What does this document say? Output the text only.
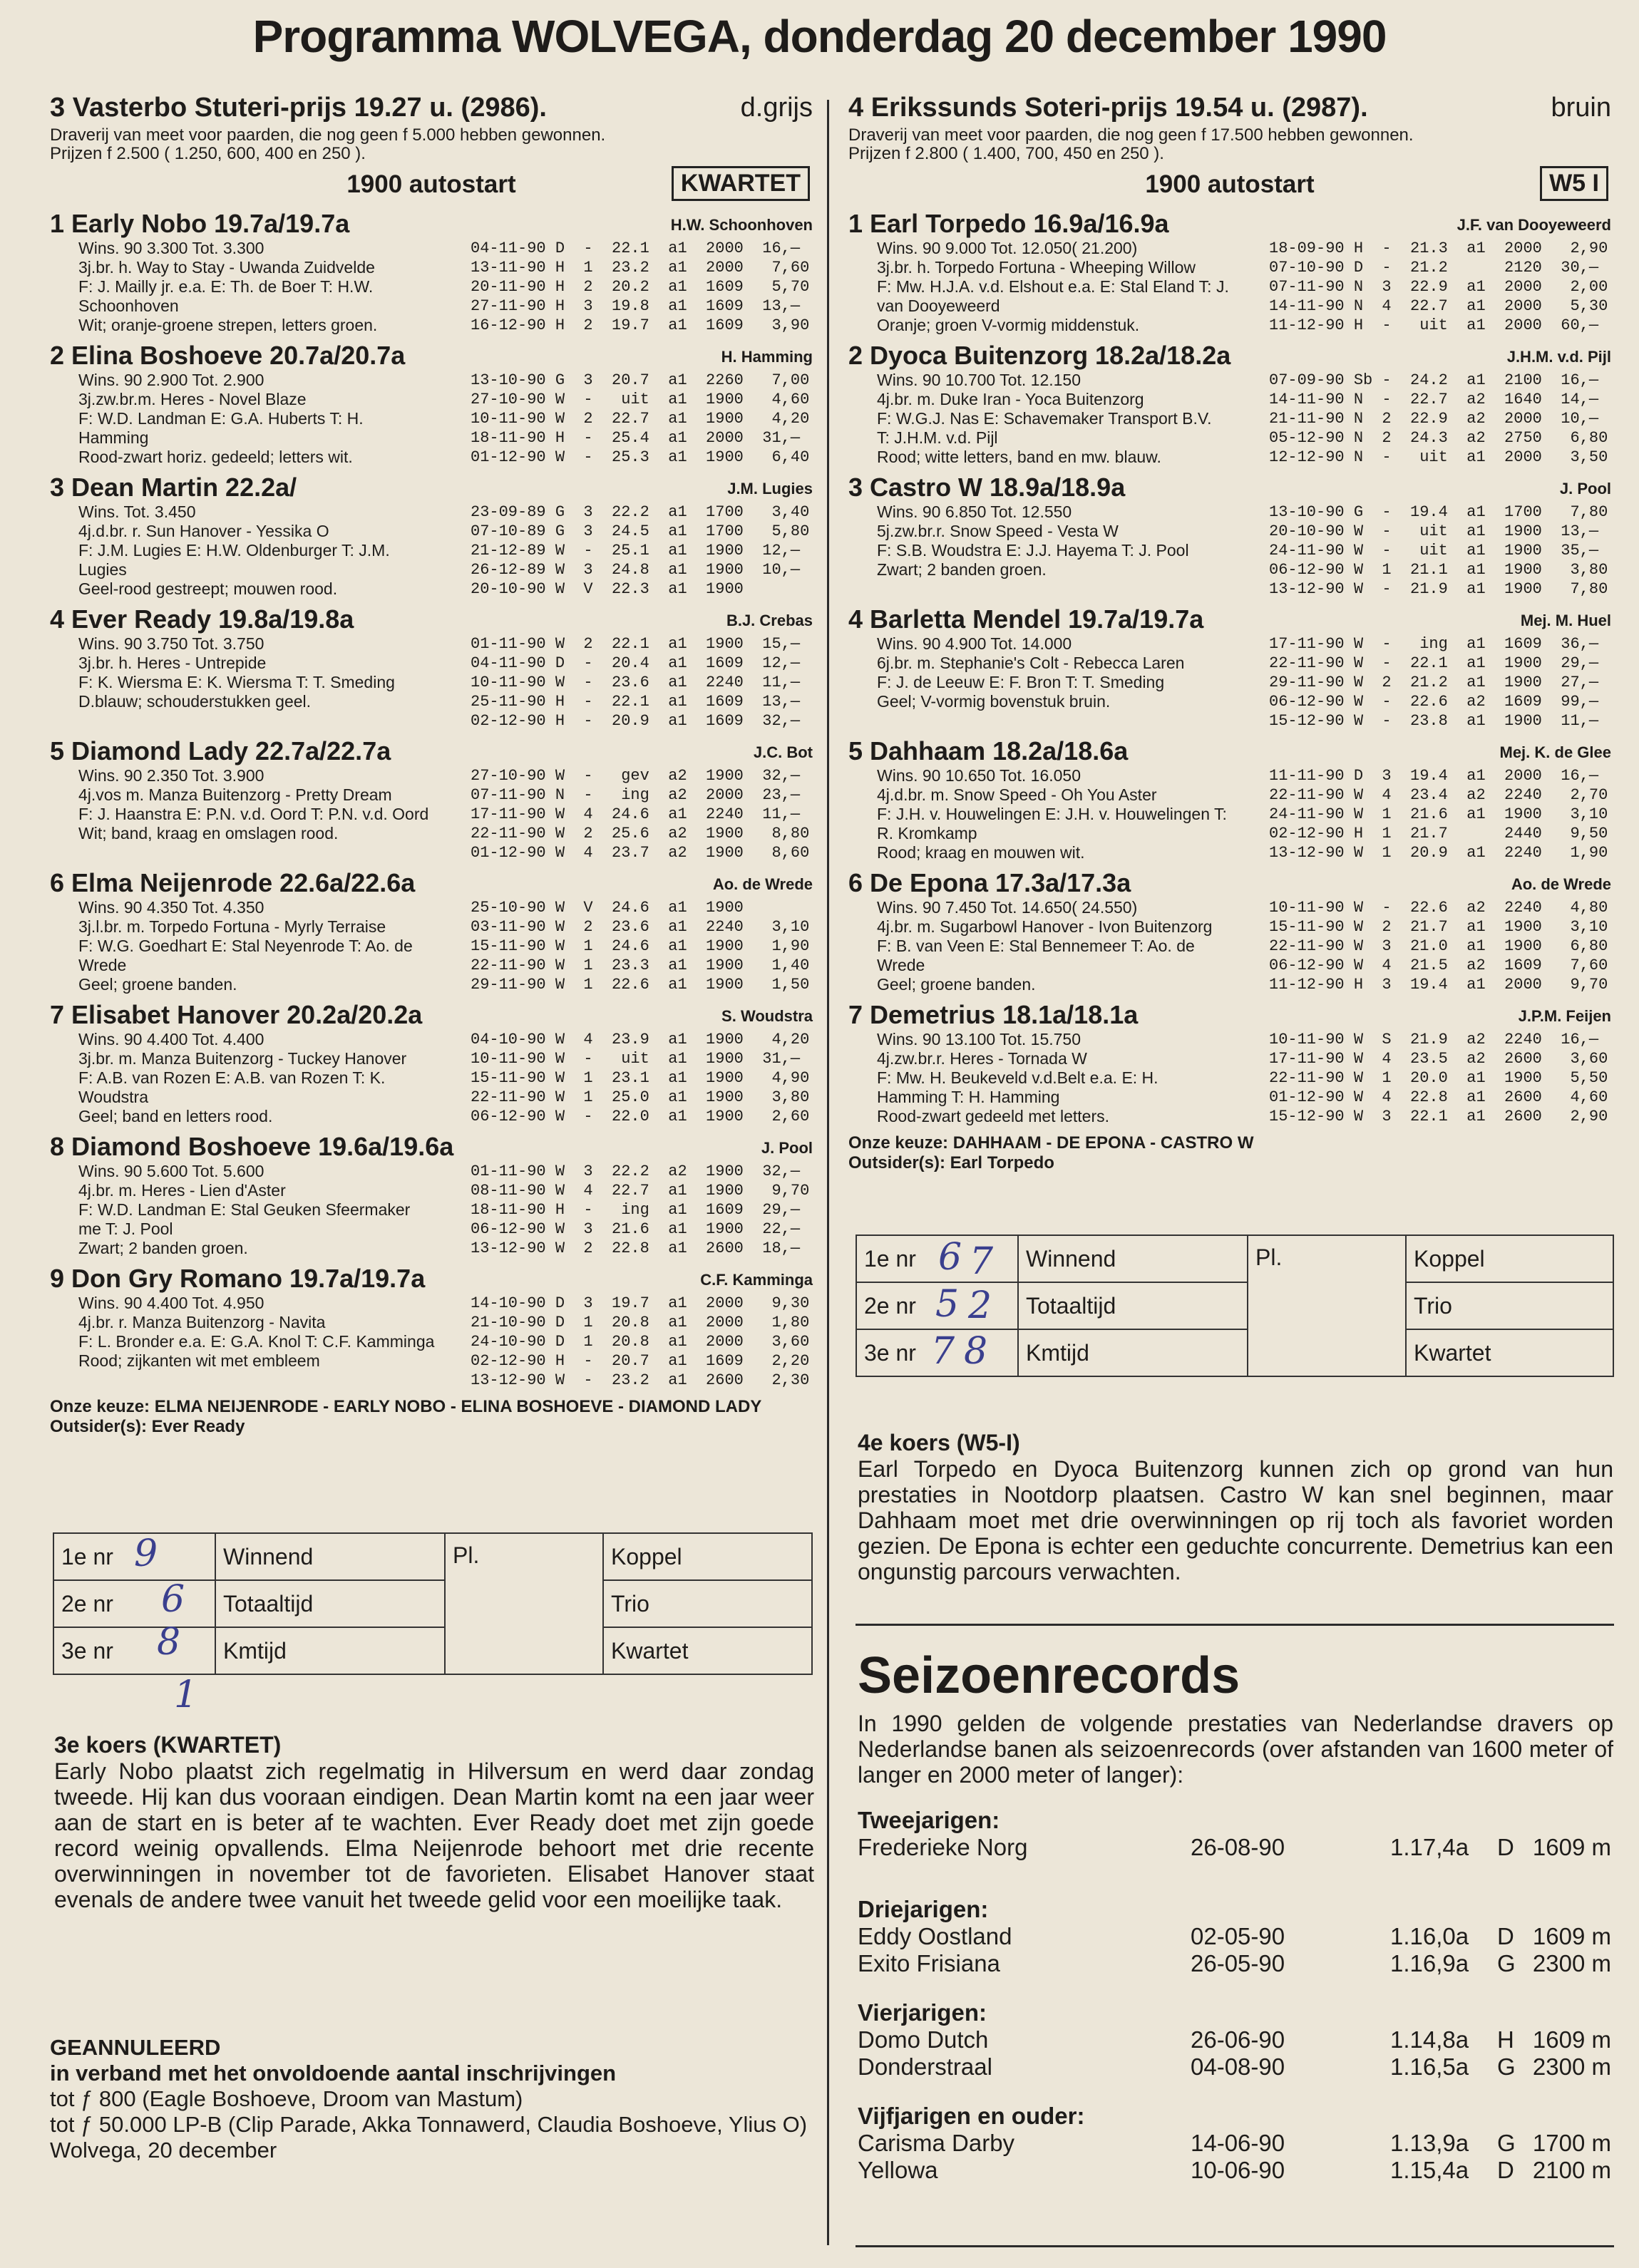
Programma WOLVEGA, donderdag 20 december 1990
3 Vasterbo Stuteri-prijs 19.27 u. (2986).	d.grijs
Draverij van meet voor paarden, die nog geen f 5.000 hebben gewonnen.
Prijzen f 2.500 ( 1.250, 600, 400 en 250 ).
1900 autostart	KWARTET
1 Early Nobo 19.7a/19.7a	H.W. Schoonhoven
Wins. 90 3.300 Tot. 3.300
3j.br. h. Way to Stay - Uwanda Zuidvelde
F: J. Mailly jr. e.a. E: Th. de Boer T: H.W.
Schoonhoven
Wit; oranje-groene strepen, letters groen.
04-11-90 D  -  22.1  a1  2000  16,—
13-11-90 H  1  23.2  a1  2000   7,60
20-11-90 H  2  20.2  a1  1609   5,70
27-11-90 H  3  19.8  a1  1609  13,—
16-12-90 H  2  19.7  a1  1609   3,90
2 Elina Boshoeve 20.7a/20.7a	H. Hamming
Wins. 90 2.900 Tot. 2.900
3j.zw.br.m. Heres - Novel Blaze
F: W.D. Landman E: G.A. Huberts T: H.
Hamming
Rood-zwart horiz. gedeeld; letters wit.
13-10-90 G  3  20.7  a1  2260   7,00
27-10-90 W  -   uit  a1  1900   4,60
10-11-90 W  2  22.7  a1  1900   4,20
18-11-90 H  -  25.4  a1  2000  31,—
01-12-90 W  -  25.3  a1  1900   6,40
3 Dean Martin 22.2a/	J.M. Lugies
Wins. Tot. 3.450
4j.d.br. r. Sun Hanover - Yessika O
F: J.M. Lugies E: H.W. Oldenburger T: J.M.
Lugies
Geel-rood gestreept; mouwen rood.
23-09-89 G  3  22.2  a1  1700   3,40
07-10-89 G  3  24.5  a1  1700   5,80
21-12-89 W  -  25.1  a1  1900  12,—
26-12-89 W  3  24.8  a1  1900  10,—
20-10-90 W  V  22.3  a1  1900
4 Ever Ready 19.8a/19.8a	B.J. Crebas
Wins. 90 3.750 Tot. 3.750
3j.br. h. Heres - Untrepide
F: K. Wiersma E: K. Wiersma T: T. Smeding
D.blauw; schouderstukken geel.
01-11-90 W  2  22.1  a1  1900  15,—
04-11-90 D  -  20.4  a1  1609  12,—
10-11-90 W  -  23.6  a1  2240  11,—
25-11-90 H  -  22.1  a1  1609  13,—
02-12-90 H  -  20.9  a1  1609  32,—
5 Diamond Lady 22.7a/22.7a	J.C. Bot
Wins. 90 2.350 Tot. 3.900
4j.vos m. Manza Buitenzorg - Pretty Dream
F: J. Haanstra E: P.N. v.d. Oord T: P.N. v.d. Oord
Wit; band, kraag en omslagen rood.
27-10-90 W  -   gev  a2  1900  32,—
07-11-90 N  -   ing  a2  2000  23,—
17-11-90 W  4  24.6  a1  2240  11,—
22-11-90 W  2  25.6  a2  1900   8,80
01-12-90 W  4  23.7  a2  1900   8,60
6 Elma Neijenrode 22.6a/22.6a	Ao. de Wrede
Wins. 90 4.350 Tot. 4.350
3j.l.br. m. Torpedo Fortuna - Myrly Terraise
F: W.G. Goedhart E: Stal Neyenrode T: Ao. de
Wrede
Geel; groene banden.
25-10-90 W  V  24.6  a1  1900
03-11-90 W  2  23.6  a1  2240   3,10
15-11-90 W  1  24.6  a1  1900   1,90
22-11-90 W  1  23.3  a1  1900   1,40
29-11-90 W  1  22.6  a1  1900   1,50
7 Elisabet Hanover 20.2a/20.2a	S. Woudstra
Wins. 90 4.400 Tot. 4.400
3j.br. m. Manza Buitenzorg - Tuckey Hanover
F: A.B. van Rozen E: A.B. van Rozen T: K.
Woudstra
Geel; band en letters rood.
04-10-90 W  4  23.9  a1  1900   4,20
10-11-90 W  -   uit  a1  1900  31,—
15-11-90 W  1  23.1  a1  1900   4,90
22-11-90 W  1  25.0  a1  1900   3,80
06-12-90 W  -  22.0  a1  1900   2,60
8 Diamond Boshoeve 19.6a/19.6a	J. Pool
Wins. 90 5.600 Tot. 5.600
4j.br. m. Heres - Lien d'Aster
F: W.D. Landman E: Stal Geuken Sfeermaker
me T: J. Pool
Zwart; 2 banden groen.
01-11-90 W  3  22.2  a2  1900  32,—
08-11-90 W  4  22.7  a1  1900   9,70
18-11-90 H  -   ing  a1  1609  29,—
06-12-90 W  3  21.6  a1  1900  22,—
13-12-90 W  2  22.8  a1  2600  18,—
9 Don Gry Romano 19.7a/19.7a	C.F. Kamminga
Wins. 90 4.400 Tot. 4.950
4j.br. r. Manza Buitenzorg - Navita
F: L. Bronder e.a. E: G.A. Knol T: C.F. Kamminga
Rood; zijkanten wit met embleem
14-10-90 D  3  19.7  a1  2000   9,30
21-10-90 D  1  20.8  a1  2000   1,80
24-10-90 D  1  20.8  a1  2000   3,60
02-12-90 H  -  20.7  a1  1609   2,20
13-12-90 W  -  23.2  a1  2600   2,30
Onze keuze: ELMA NEIJENRODE - EARLY NOBO - ELINA BOSHOEVE - DIAMOND LADY
Outsider(s): Ever Ready
4 Erikssunds Soteri-prijs 19.54 u. (2987).	bruin
Draverij van meet voor paarden, die nog geen f 17.500 hebben gewonnen.
Prijzen f 2.800 ( 1.400, 700, 450 en 250 ).
1900 autostart	W5 I
1 Earl Torpedo 16.9a/16.9a	J.F. van Dooyeweerd
Wins. 90 9.000 Tot. 12.050( 21.200)
3j.br. h. Torpedo Fortuna - Wheeping Willow
F: Mw. H.J.A. v.d. Elshout e.a. E: Stal Eland T: J.
van Dooyeweerd
Oranje; groen V-vormig middenstuk.
18-09-90 H  -  21.3  a1  2000   2,90
07-10-90 D  -  21.2      2120  30,—
07-11-90 N  3  22.9  a1  2000   2,00
14-11-90 N  4  22.7  a1  2000   5,30
11-12-90 H  -   uit  a1  2000  60,—
2 Dyoca Buitenzorg 18.2a/18.2a	J.H.M. v.d. Pijl
Wins. 90 10.700 Tot. 12.150
4j.br. m. Duke Iran - Yoca Buitenzorg
F: W.G.J. Nas E: Schavemaker Transport B.V.
T: J.H.M. v.d. Pijl
Rood; witte letters, band en mw. blauw.
07-09-90 Sb -  24.2  a1  2100  16,—
14-11-90 N  -  22.7  a2  1640  14,—
21-11-90 N  2  22.9  a2  2000  10,—
05-12-90 N  2  24.3  a2  2750   6,80
12-12-90 N  -   uit  a1  2000   3,50
3 Castro W 18.9a/18.9a	J. Pool
Wins. 90 6.850 Tot. 12.550
5j.zw.br.r. Snow Speed - Vesta W
F: S.B. Woudstra E: J.J. Hayema T: J. Pool
Zwart; 2 banden groen.
13-10-90 G  -  19.4  a1  1700   7,80
20-10-90 W  -   uit  a1  1900  13,—
24-11-90 W  -   uit  a1  1900  35,—
06-12-90 W  1  21.1  a1  1900   3,80
13-12-90 W  -  21.9  a1  1900   7,80
4 Barletta Mendel 19.7a/19.7a	Mej. M. Huel
Wins. 90 4.900 Tot. 14.000
6j.br. m. Stephanie's Colt - Rebecca Laren
F: J. de Leeuw E: F. Bron T: T. Smeding
Geel; V-vormig bovenstuk bruin.
17-11-90 W  -   ing  a1  1609  36,—
22-11-90 W  -  22.1  a1  1900  29,—
29-11-90 W  2  21.2  a1  1900  27,—
06-12-90 W  -  22.6  a2  1609  99,—
15-12-90 W  -  23.8  a1  1900  11,—
5 Dahhaam 18.2a/18.6a	Mej. K. de Glee
Wins. 90 10.650 Tot. 16.050
4j.d.br. m. Snow Speed - Oh You Aster
F: J.H. v. Houwelingen E: J.H. v. Houwelingen T:
R. Kromkamp
Rood; kraag en mouwen wit.
11-11-90 D  3  19.4  a1  2000  16,—
22-11-90 W  4  23.4  a2  2240   2,70
24-11-90 W  1  21.6  a1  1900   3,10
02-12-90 H  1  21.7      2440   9,50
13-12-90 W  1  20.9  a1  2240   1,90
6 De Epona 17.3a/17.3a	Ao. de Wrede
Wins. 90 7.450 Tot. 14.650( 24.550)
4j.br. m. Sugarbowl Hanover - Ivon Buitenzorg
F: B. van Veen E: Stal Bennemeer T: Ao. de
Wrede
Geel; groene banden.
10-11-90 W  -  22.6  a2  2240   4,80
15-11-90 W  2  21.7  a1  1900   3,10
22-11-90 W  3  21.0  a1  1900   6,80
06-12-90 W  4  21.5  a2  1609   7,60
11-12-90 H  3  19.4  a1  2000   9,70
7 Demetrius 18.1a/18.1a	J.P.M. Feijen
Wins. 90 13.100 Tot. 15.750
4j.zw.br.r. Heres - Tornada W
F: Mw. H. Beukeveld v.d.Belt e.a. E: H.
Hamming T: H. Hamming
Rood-zwart gedeeld met letters.
10-11-90 W  S  21.9  a2  2240  16,—
17-11-90 W  4  23.5  a2  2600   3,60
22-11-90 W  1  20.0  a1  1900   5,50
01-12-90 W  4  22.8  a1  2600   4,60
15-12-90 W  3  22.1  a1  2600   2,90
Onze keuze: DAHHAAM - DE EPONA - CASTRO W
Outsider(s): Earl Torpedo
1e nr	Winnend	Pl.	Koppel
2e nr	Totaaltijd		Trio
3e nr	Kmtijd		Kwartet
9
6
8
1
1e nr	Winnend	Pl.	Koppel
2e nr	Totaaltijd		Trio
3e nr	Kmtijd		Kwartet
6
5
7
7
2
8
3e koers (KWARTET)
Early Nobo plaatst zich regelmatig in Hilversum en werd daar zondag tweede. Hij kan dus vooraan eindigen. Dean Martin komt na een jaar weer aan de start en is beter af te wachten. Ever Ready doet met zijn goede record weinig opvallends. Elma Neijenrode behoort met drie recente overwinningen in november tot de favorieten. Elisabet Hanover staat evenals de andere twee vanuit het tweede gelid voor een moeilijke taak.
4e koers (W5-I)
Earl Torpedo en Dyoca Buitenzorg kunnen zich op grond van hun prestaties in Nootdorp plaatsen. Castro W kan snel beginnen, maar Dahhaam moet met drie overwinningen op rij toch als favoriet worden gezien. De Epona is echter een geduchte concurrente. Demetrius kan een ongunstig parcours verwachten.
GEANNULEERD
in verband met het onvoldoende aantal inschrijvingen
tot ƒ 800 (Eagle Boshoeve, Droom van Mastum)
tot ƒ 50.000 LP-B (Clip Parade, Akka Tonnawerd, Claudia Boshoeve, Ylius O)
Wolvega, 20 december
Seizoenrecords
In 1990 gelden de volgende prestaties van Nederlandse dravers op Nederlandse banen als seizoenrecords (over afstanden van 1600 meter of langer en 2000 meter of langer):
Tweejarigen:
Frederieke Norg	26-08-90	1.17,4a	D 1609 m
Driejarigen:
Eddy Oostland	02-05-90	1.16,0a	D 1609 m
Exito Frisiana	26-05-90	1.16,9a	G 2300 m
Vierjarigen:
Domo Dutch	26-06-90	1.14,8a	H 1609 m
Donderstraal	04-08-90	1.16,5a	G 2300 m
Vijfjarigen en ouder:
Carisma Darby	14-06-90	1.13,9a	G 1700 m
Yellowa	10-06-90	1.15,4a	D 2100 m
